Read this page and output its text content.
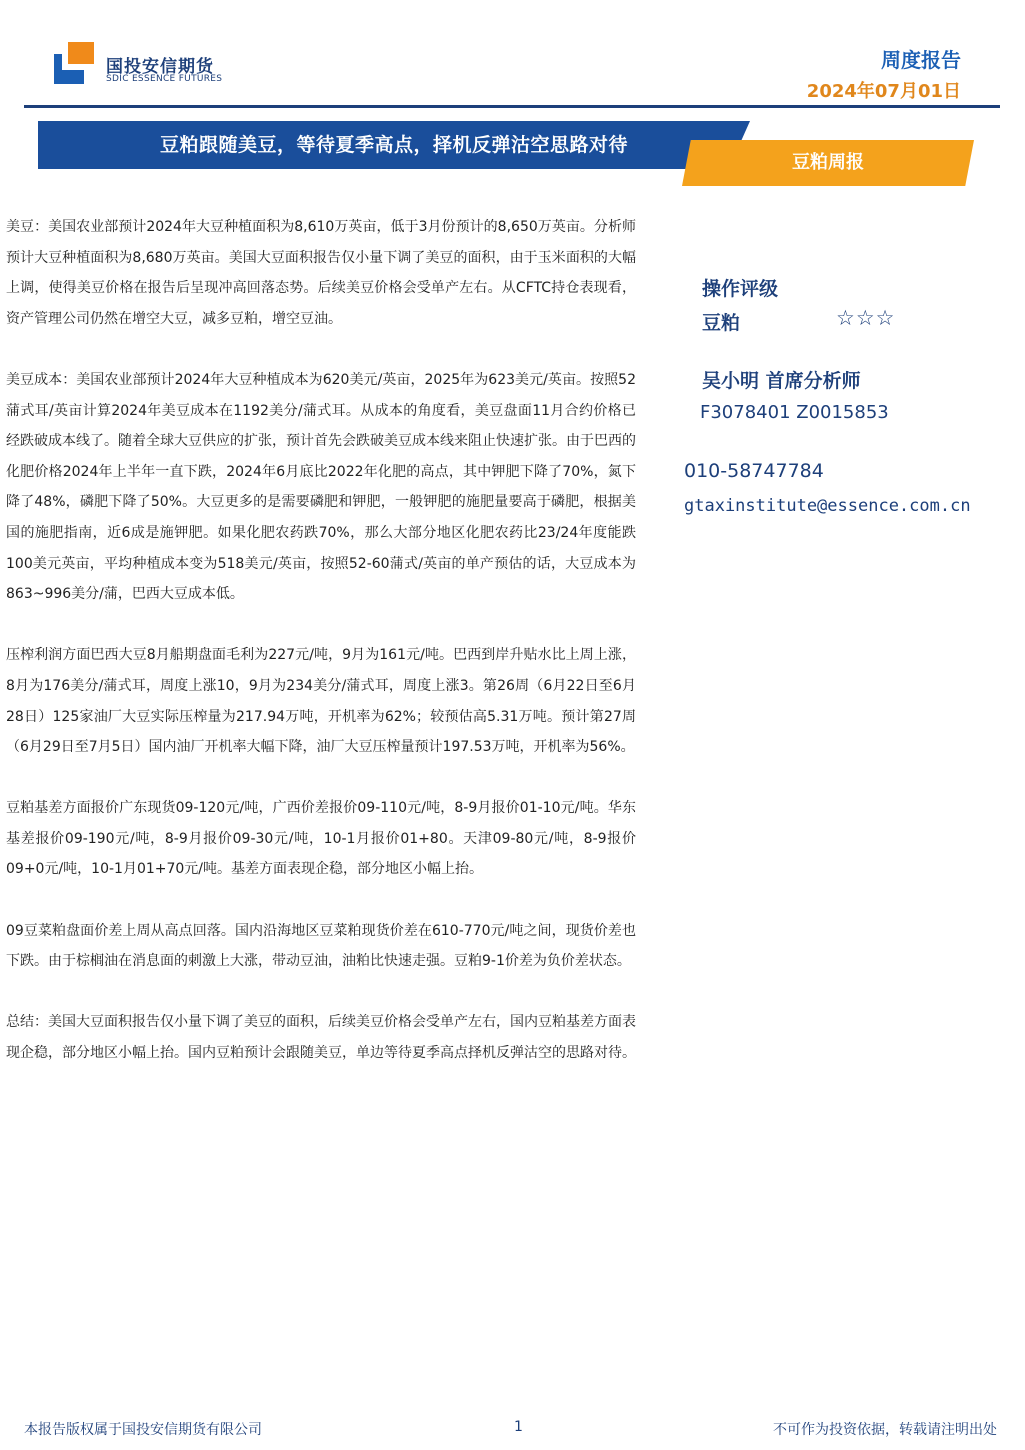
国投安信期货
SDIC ESSENCE FUTURES
周度报告
2024年07月01日
豆粕跟随美豆，等待夏季高点，择机反弹沽空思路对待
豆粕周报

美豆：美国农业部预计2024年大豆种植面积为8,610万英亩，低于3月份预计的8,650万英亩。分析师预计大豆种植面积为8,680万英亩。美国大豆面积报告仅小量下调了美豆的面积，由于玉米面积的大幅上调，使得美豆价格在报告后呈现冲高回落态势。后续美豆价格会受单产左右。从CFTC持仓表现看，资产管理公司仍然在增空大豆，减多豆粕，增空豆油。

美豆成本：美国农业部预计2024年大豆种植成本为620美元/英亩，2025年为623美元/英亩。按照52蒲式耳/英亩计算2024年美豆成本在1192美分/蒲式耳。从成本的角度看，美豆盘面11月合约价格已经跌破成本线了。随着全球大豆供应的扩张，预计首先会跌破美豆成本线来阻止快速扩张。由于巴西的化肥价格2024年上半年一直下跌，2024年6月底比2022年化肥的高点，其中钾肥下降了70%，氮下降了48%，磷肥下降了50%。大豆更多的是需要磷肥和钾肥，一般钾肥的施肥量要高于磷肥，根据美国的施肥指南，近6成是施钾肥。如果化肥农药跌70%，那么大部分地区化肥农药比23/24年度能跌100美元英亩，平均种植成本变为518美元/英亩，按照52-60蒲式/英亩的单产预估的话，大豆成本为863~996美分/蒲，巴西大豆成本低。

压榨利润方面巴西大豆8月船期盘面毛利为227元/吨，9月为161元/吨。巴西到岸升贴水比上周上涨，8月为176美分/蒲式耳，周度上涨10，9月为234美分/蒲式耳，周度上涨3。第26周（6月22日至6月28日）125家油厂大豆实际压榨量为217.94万吨，开机率为62%；较预估高5.31万吨。预计第27周（6月29日至7月5日）国内油厂开机率大幅下降，油厂大豆压榨量预计197.53万吨，开机率为56%。

豆粕基差方面报价广东现货09-120元/吨，广西价差报价09-110元/吨，8-9月报价01-10元/吨。华东基差报价09-190元/吨，8-9月报价09-30元/吨，10-1月报价01+80。天津09-80元/吨，8-9报价09+0元/吨，10-1月01+70元/吨。基差方面表现企稳，部分地区小幅上抬。

09豆菜粕盘面价差上周从高点回落。国内沿海地区豆菜粕现货价差在610-770元/吨之间，现货价差也下跌。由于棕榈油在消息面的刺激上大涨，带动豆油，油粕比快速走强。豆粕9-1价差为负价差状态。

总结：美国大豆面积报告仅小量下调了美豆的面积，后续美豆价格会受单产左右，国内豆粕基差方面表现企稳，部分地区小幅上抬。国内豆粕预计会跟随美豆，单边等待夏季高点择机反弹沽空的思路对待。

操作评级
豆粕	☆☆☆
吴小明 首席分析师
F3078401 Z0015853
010-58747784
gtaxinstitute@essence.com.cn
本报告版权属于国投安信期货有限公司	1	不可作为投资依据，转载请注明出处
